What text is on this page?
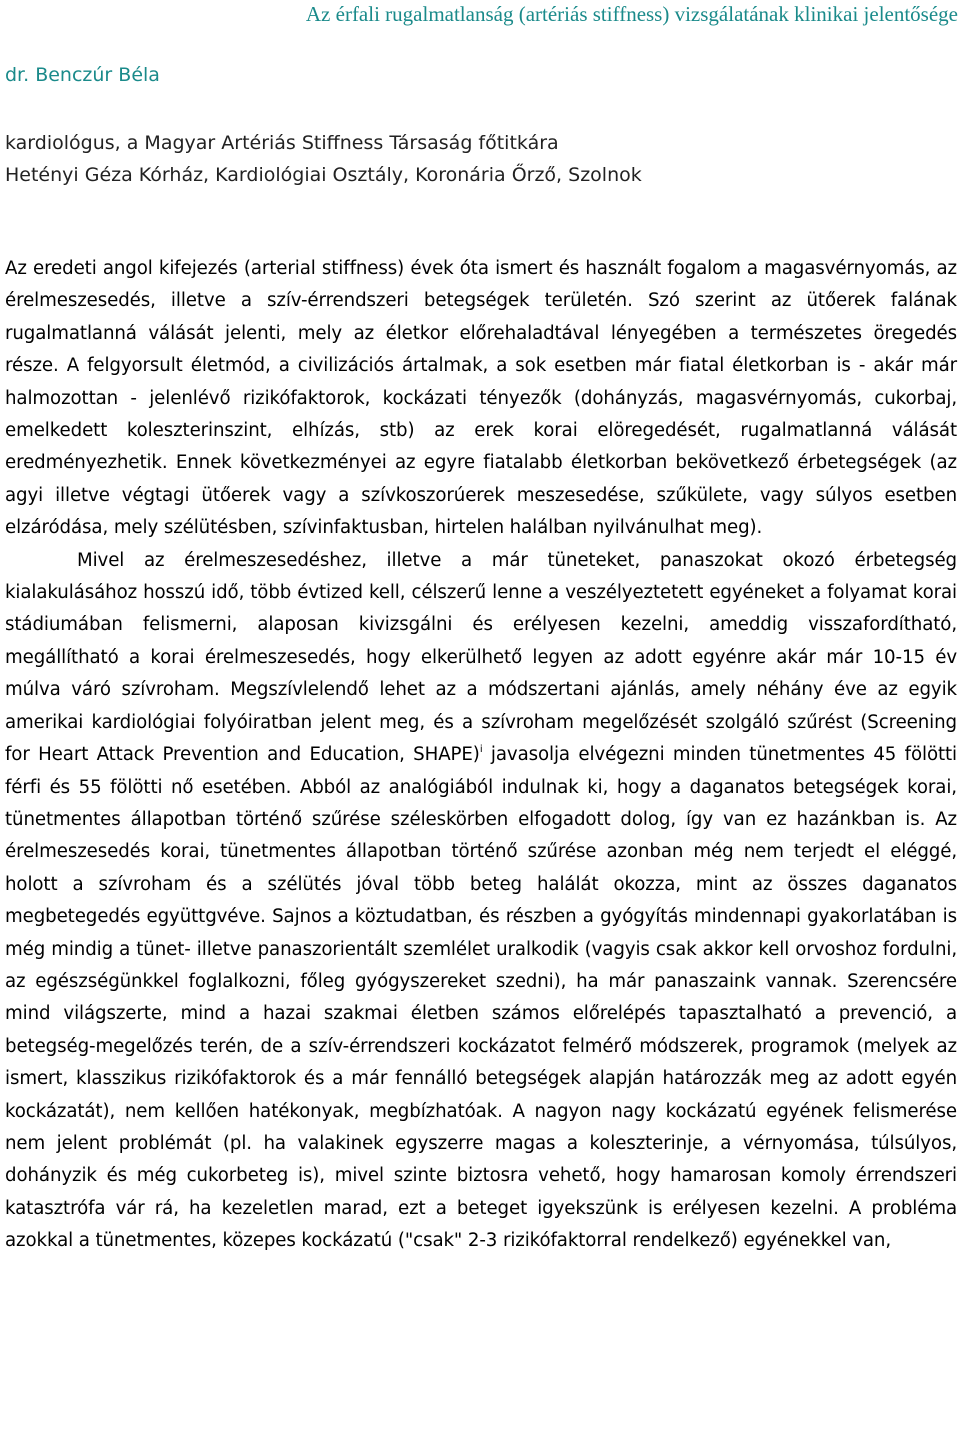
Az érfali rugalmatlanság (artériás stiffness) vizsgálatának klinikai jelentősége
dr. Benczúr Béla
kardiológus, a Magyar Artériás Stiffness Társaság főtitkára
Hetényi Géza Kórház, Kardiológiai Osztály, Koronária Őrző, Szolnok

Az eredeti angol kifejezés (arterial stiffness) évek óta ismert és használt fogalom a magasvérnyomás, az érelmeszesedés, illetve a szív-érrendszeri betegségek területén. Szó szerint az ütőerek falának rugalmatlanná válását jelenti, mely az életkor előrehaladtával lényegében a természetes öregedés része. A felgyorsult életmód, a civilizációs ártalmak, a sok esetben már fiatal életkorban is - akár már halmozottan - jelenlévő rizikófaktorok, kockázati tényezők (dohányzás, magasvérnyomás, cukorbaj, emelkedett koleszterinszint, elhízás, stb) az erek korai elöregedését, rugalmatlanná válását eredményezhetik. Ennek következményei az egyre fiatalabb életkorban bekövetkező érbetegségek (az agyi illetve végtagi ütőerek vagy a szívkoszorúerek meszesedése, szűkülete, vagy súlyos esetben elzáródása, mely szélütésben, szívinfaktusban, hirtelen halálban nyilvánulhat meg).

Mivel az érelmeszesedéshez, illetve a már tüneteket, panaszokat okozó érbetegség kialakulásához hosszú idő, több évtized kell, célszerű lenne a veszélyeztetett egyéneket a folyamat korai stádiumában felismerni, alaposan kivizsgálni és erélyesen kezelni, ameddig visszafordítható, megállítható a korai érelmeszesedés, hogy elkerülhető legyen az adott egyénre akár már 10-15 év múlva váró szívroham. Megszívlelendő lehet az a módszertani ajánlás, amely néhány éve az egyik amerikai kardiológiai folyóiratban jelent meg, és a szívroham megelőzését szolgáló szűrést (Screening for Heart Attack Prevention and Education, SHAPE)$^i$ javasolja elvégezni minden tünetmentes 45 fölötti férfi és 55 fölötti nő esetében. Abból az analógiából indulnak ki, hogy a daganatos betegségek korai, tünetmentes állapotban történő szűrése széleskörben elfogadott dolog, így van ez hazánkban is. Az érelmeszesedés korai, tünetmentes állapotban történő szűrése azonban még nem terjedt el eléggé, holott a szívroham és a szélütés jóval több beteg halálát okozza, mint az összes daganatos megbetegedés együttgvéve. Sajnos a köztudatban, és részben a gyógyítás mindennapi gyakorlatában is még mindig a tünet- illetve panaszorientált szemlélet uralkodik (vagyis csak akkor kell orvoshoz fordulni, az egészségünkkel foglalkozni, főleg gyógyszereket szedni), ha már panaszaink vannak. Szerencsére mind világszerte, mind a hazai szakmai életben számos előrelépés tapasztalható a prevenció, a betegség-megelőzés terén, de a szív-érrendszeri kockázatot felmérő módszerek, programok (melyek az ismert, klasszikus rizikófaktorok és a már fennálló betegségek alapján határozzák meg az adott egyén kockázatát), nem kellően hatékonyak, megbízhatóak. A nagyon nagy kockázatú egyének felismerése nem jelent problémát (pl. ha valakinek egyszerre magas a koleszterinje, a vérnyomása, túlsúlyos, dohányzik és még cukorbeteg is), mivel szinte biztosra vehető, hogy hamarosan komoly érrendszeri katasztrófa vár rá, ha kezeletlen marad, ezt a beteget igyekszünk is erélyesen kezelni. A probléma azokkal a tünetmentes, közepes kockázatú ("csak" 2-3 rizikófaktorral rendelkező) egyénekkel van,
